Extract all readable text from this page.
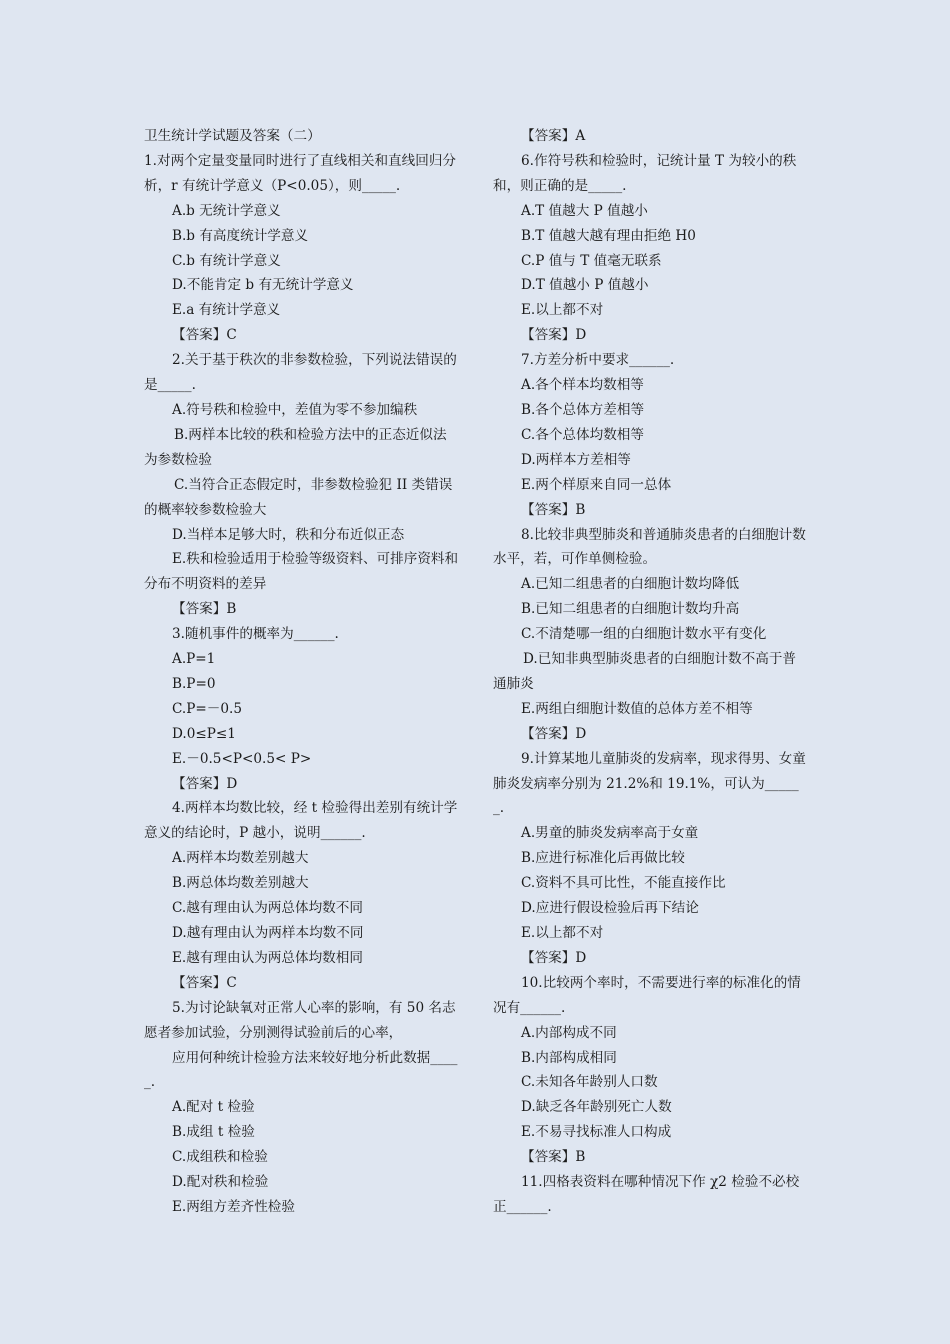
卫生统计学试题及答案（二）

1.对两个定量变量同时进行了直线相关和直线回归分析，r 有统计学意义（P<0.05），则_____.

A.b 无统计学意义

B.b 有高度统计学意义

C.b 有统计学意义

D.不能肯定 b 有无统计学意义

E.a 有统计学意义

【答案】C

2.关于基于秩次的非参数检验，下列说法错误的是_____.

A.符号秩和检验中，差值为零不参加编秩

B.两样本比较的秩和检验方法中的正态近似法为参数检验

C.当符合正态假定时，非参数检验犯 II 类错误的概率较参数检验大

D.当样本足够大时，秩和分布近似正态

E.秩和检验适用于检验等级资料、可排序资料和分布不明资料的差异

【答案】B

3.随机事件的概率为______.

A.P=1

B.P=0

C.P=－0.5

D.0≤P≤1

E.－0.5<P<0.5< P>

【答案】D

4.两样本均数比较，经 t 检验得出差别有统计学意义的结论时，P 越小，说明______.

A.两样本均数差别越大

B.两总体均数差别越大

C.越有理由认为两总体均数不同

D.越有理由认为两样本均数不同

E.越有理由认为两总体均数相同

【答案】C

5.为讨论缺氧对正常人心率的影响，有 50 名志愿者参加试验，分别测得试验前后的心率，

应用何种统计检验方法来较好地分析此数据_____.

A.配对 t 检验

B.成组 t 检验

C.成组秩和检验

D.配对秩和检验

E.两组方差齐性检验

【答案】A

6.作符号秩和检验时，记统计量 T 为较小的秩和，则正确的是_____.

A.T 值越大 P 值越小

B.T 值越大越有理由拒绝 H0

C.P 值与 T 值毫无联系

D.T 值越小 P 值越小

E.以上都不对

【答案】D

7.方差分析中要求______.

A.各个样本均数相等

B.各个总体方差相等

C.各个总体均数相等

D.两样本方差相等

E.两个样原来自同一总体

【答案】B

8.比较非典型肺炎和普通肺炎患者的白细胞计数水平，若，可作单侧检验。

A.已知二组患者的白细胞计数均降低

B.已知二组患者的白细胞计数均升高

C.不清楚哪一组的白细胞计数水平有变化

D.已知非典型肺炎患者的白细胞计数不高于普通肺炎

E.两组白细胞计数值的总体方差不相等

【答案】D

9.计算某地儿童肺炎的发病率，现求得男、女童肺炎发病率分别为 21.2%和 19.1%，可认为______.

A.男童的肺炎发病率高于女童

B.应进行标准化后再做比较

C.资料不具可比性，不能直接作比

D.应进行假设检验后再下结论

E.以上都不对

【答案】D

10.比较两个率时，不需要进行率的标准化的情况有______.

A.内部构成不同

B.内部构成相同

C.未知各年龄别人口数

D.缺乏各年龄别死亡人数

E.不易寻找标准人口构成

【答案】B

11.四格表资料在哪种情况下作 χ2 检验不必校正______.
